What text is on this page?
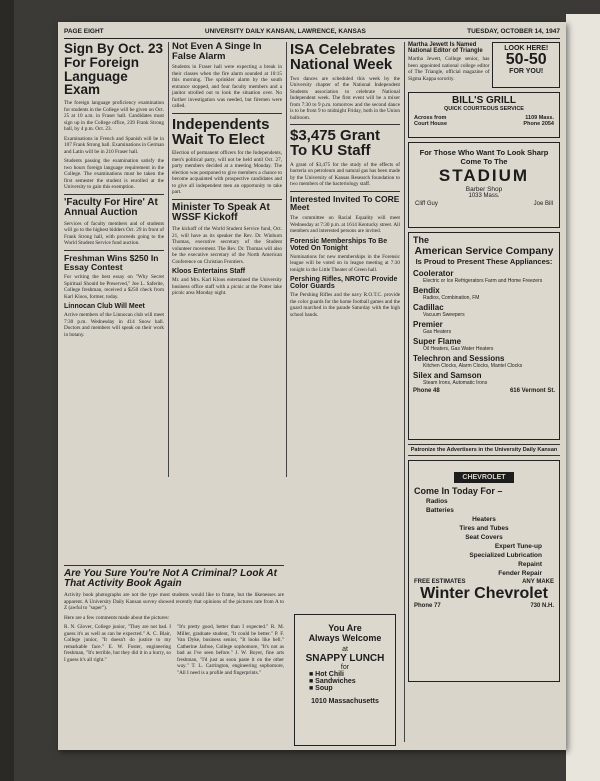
PAGE EIGHT	UNIVERSITY DAILY KANSAN, LAWRENCE, KANSAS	TUESDAY, OCTOBER 14, 1947
Sign By Oct. 23 For Foreign Language Exam

The foreign language proficiency examination for students in the College will be given on Oct. 25 at 10 a.m. in Fraser hall. Candidates must sign up in the College office, 239 Frank Strong hall, by 4 p.m. Oct. 23.

Examinations in French and Spanish will be in 107 Frank Strong hall. Examinations in German and Latin will be in 210 Fraser hall.

Students passing the examination satisfy the two hours foreign language requirement in the College. The examinations must be taken the first semester the student is enrolled at the University to gain this exemption.

'Faculty For Hire' At Annual Auction

Services of faculty members and of students will go to the highest bidders Oct. 29 in front of Frank Strong hall, with proceeds going to the World Student Service fund auction.

Freshman Wins $250 In Essay Contest

For writing the best essay on "Why Secret Spiritual Should be Preserved," Joe L. Saferite, College freshman, received a $250 check from Karl Kloos, former, today.

Linnocan Club Will Meet

Active members of the Linnocan club will meet 7:30 p.m. Wednesday in 414 Snow hall. Doctors and members will speak on their work in botany.

Not Even A Singe In False Alarm

Students in Fraser hall were expecting a break in their classes when the fire alarm sounded at 10:15 this morning. The sprinkler alarm by the south entrance stopped, and four faculty members and a janitor strolled out to look the situation over. No further investigation was needed, but firemen were called.

Independents Wait To Elect

Election of permanent officers for the Independents, men's political party, will not be held until Oct. 27, party members decided at a meeting Monday. The election was postponed to give members a chance to become acquainted with prospective candidates and to give all independent men an opportunity to take part.

Minister To Speak At WSSF Kickoff

The kickoff of the World Student Service fund, Oct. 21, will have as its speaker the Rev. Dr. Winburn Thomas, executive secretary of the Student volunteer movement. The Rev. Dr. Thomas will also be the executive secretary of the North American Conference on Christian Frontiers.

Kloos Entertains Staff

Mr. and Mrs. Karl Kloos entertained the University business office staff with a picnic at the Potter lake picnic area Monday night.

ISA Celebrates National Week

Two dances are scheduled this week by the University chapter of the National Independent Students association to celebrate National Independent week. The first event will be a mixer from 7:30 to 9 p.m. tomorrow and the second dance is to be from 9 to midnight Friday, both in the Union ballroom.

$3,475 Grant To KU Staff

A grant of $3,475 for the study of the effects of bacteria on petroleum and natural gas has been made by the University of Kansas Research foundation to two members of the bacteriology staff.

Interested Invited To CORE Meet

The committee on Racial Equality will meet Wednesday at 7:30 p.m. at 1614 Kentucky street. All members and interested persons are invited.

Forensic Memberships To Be Voted On Tonight

Nominations for new memberships in the Forensic league will be voted on in league meeting at 7:30 tonight in the Little Theater of Green hall.

Pershing Rifles, NROTC Provide Color Guards

The Pershing Rifles and the navy R.O.T.C. provide the color guards for the home football games and the guard marched in the parade Saturday with the high school bands.

You Are
Always Welcome
at
SNAPPY LUNCH
for
■ Hot Chili
■ Sandwiches
■ Soup
1010 Massachusetts
Martha Jewett Is Named National Editor of Triangle

Martha Jewett, College senior, has been appointed national college editor of The Triangle, official magazine of Sigma Kappa sorority.

LOOK HERE!
50-50
FOR YOU!
BILL'S GRILL
QUICK COURTEOUS SERVICE
Across from
Court House
1109 Mass.
Phone 2054
For Those Who Want To Look Sharp
Come To The
STADIUM
Barber Shop
1033 Mass.
Cliff Guy	Joe Bill
The
American Service Company
Is Proud to Present These Appliances:
Coolerator
Electric or Ice Refrigerators Farm and Home Freezers
Bendix
Radios, Combination, FM
Cadillac
Vacuum Sweepers
Premier
Gas Heaters
Super Flame
Oil Heaters, Gas Water Heaters
Telechron and Sessions
Kitchen Clocks, Alarm Clocks, Mantel Clocks
Silex and Samson
Steam Irons, Automatic Irons
Phone 48	616 Vermont St.
Patronize the Advertisers in the University Daily Kansan
CHEVROLET
Come In Today For –
Radios
Batteries
Heaters
Tires and Tubes
Seat Covers
Expert Tune-up
Specialized Lubrication
Repaint
Fender Repair
FREE ESTIMATES	ANY MAKE
Winter Chevrolet
Phone 77	730 N.H.
Are You Sure You're Not A Criminal? Look At That Activity Book Again

Activity book photographs are not the type most students would like to frame, but the likenesses are apparent. A University Daily Kansan survey showed recently that opinions of the pictures rate from A to Z (awful to "super").

Here are a few comments made about the pictures:

R. N. Glover, College junior, "They are not bad. I guess it's as well as can be expected." A. C. Blair, College junior, "It doesn't do justice to my remarkable face." E. W. Foster, engineering freshman, "It's terrible, but they did it in a hurry, so I guess it's all right."

"It's pretty good, better than I expected." R. M. Miller, graduate student, "It could be better." P. F. Van Dyke, business senior, "It looks like hell." Catherine Jarboe, College sophomore, "It's not as bad as I've seen before." J. W. Boyer, fine arts freshman, "I'd just as soon paste it on the other way." T. L. Carrington, engineering sophomore, "All I need is a profile and fingerprints."
